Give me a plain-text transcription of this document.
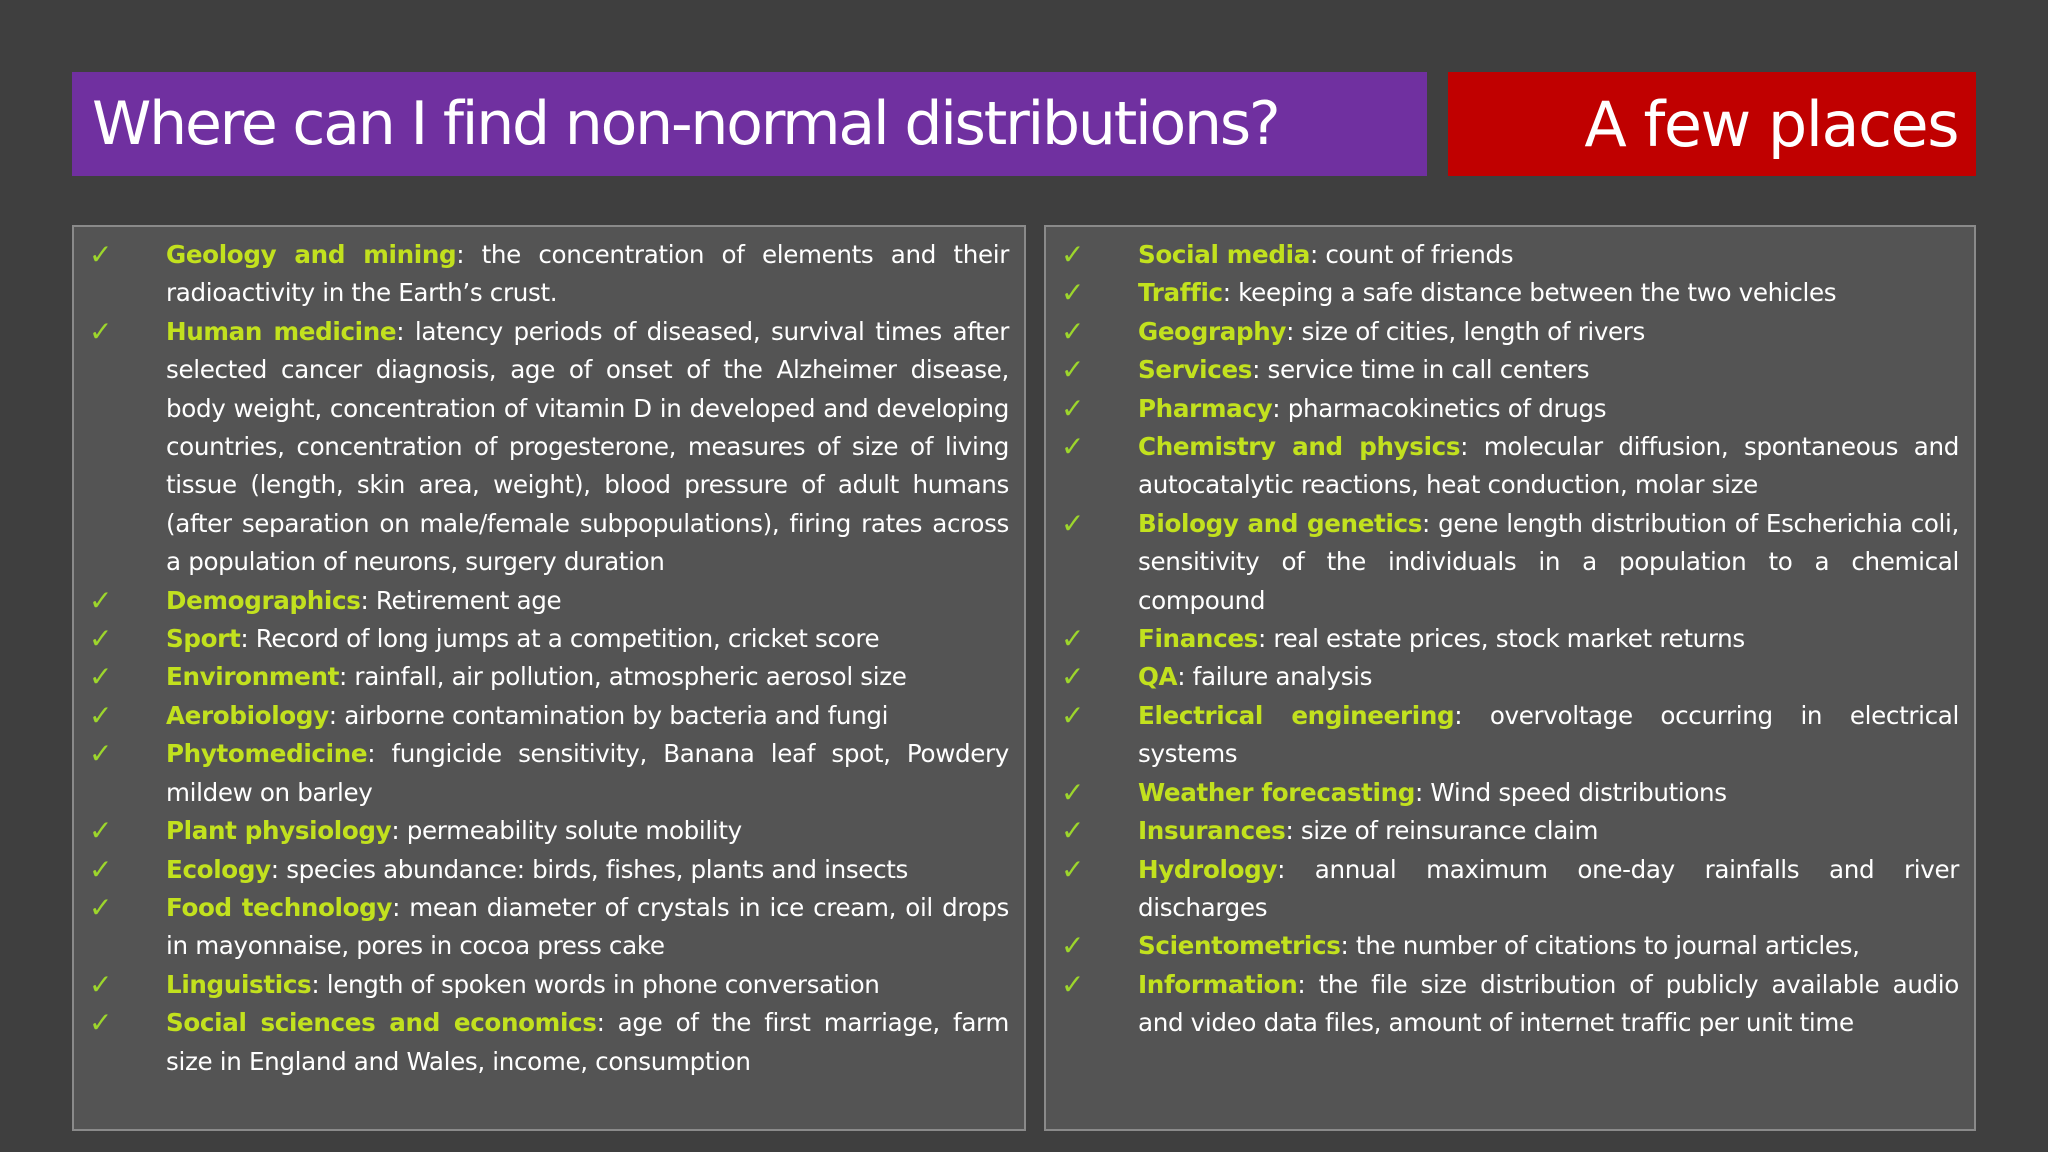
Where can I find non-normal distributions?	A few places
✓ Geology and mining: the concentration of elements and their radioactivity in the Earth’s crust.
✓ Human medicine: latency periods of diseased, survival times after selected cancer diagnosis, age of onset of the Alzheimer disease, body weight, concentration of vitamin D in developed and developing countries, concentration of progesterone, measures of size of living tissue (length, skin area, weight), blood pressure of adult humans (after separation on male/female subpopulations), firing rates across a population of neurons, surgery duration
✓ Demographics: Retirement age
✓ Sport: Record of long jumps at a competition, cricket score
✓ Environment: rainfall, air pollution, atmospheric aerosol size
✓ Aerobiology: airborne contamination by bacteria and fungi
✓ Phytomedicine: fungicide sensitivity, Banana leaf spot, Powdery mildew on barley
✓ Plant physiology: permeability solute mobility
✓ Ecology: species abundance: birds, fishes, plants and insects
✓ Food technology: mean diameter of crystals in ice cream, oil drops in mayonnaise, pores in cocoa press cake
✓ Linguistics: length of spoken words in phone conversation
✓ Social sciences and economics: age of the first marriage, farm size in England and Wales, income, consumption
✓ Social media: count of friends
✓ Traffic: keeping a safe distance between the two vehicles
✓ Geography: size of cities, length of rivers
✓ Services: service time in call centers
✓ Pharmacy: pharmacokinetics of drugs
✓ Chemistry and physics: molecular diffusion, spontaneous and autocatalytic reactions, heat conduction, molar size
✓ Biology and genetics: gene length distribution of Escherichia coli, sensitivity of the individuals in a population to a chemical compound
✓ Finances: real estate prices, stock market returns
✓ QA: failure analysis
✓ Electrical engineering: overvoltage occurring in electrical systems
✓ Weather forecasting: Wind speed distributions
✓ Insurances: size of reinsurance claim
✓ Hydrology: annual maximum one-day rainfalls and river discharges
✓ Scientometrics: the number of citations to journal articles,
✓ Information: the file size distribution of publicly available audio and video data files, amount of internet traffic per unit time
